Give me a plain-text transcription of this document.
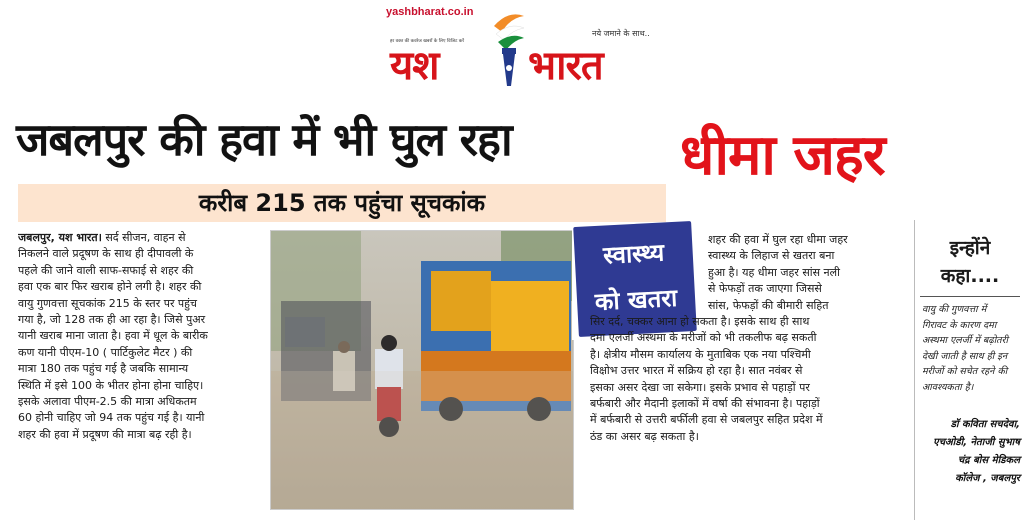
yashbharat.co.in
हर वक्त की कवरेज खबरों के लिए विजिट करें
नये जमाने के साथ..
यश भारत
जबलपुर की हवा में भी घुल रहा	धीमा जहर
करीब 215 तक पहुंचा सूचकांक
जबलपुर, यश भारत। सर्द सीजन, वाहन से
निकलने वाले प्रदूषण के साथ ही दीपावली के
पहले की जाने वाली साफ-सफाई से शहर की
हवा एक बार फिर खराब होने लगी है। शहर की
वायु गुणवत्ता सूचकांक 215 के स्तर पर पहुंच
गया है, जो 128 तक ही आ रहा है। जिसे पुअर
यानी खराब माना जाता है। हवा में धूल के बारीक
कण यानी पीएम-10 ( पार्टिकुलेट मैटर ) की
मात्रा 180 तक पहुंच गई है जबकि सामान्य
स्थिति में इसे 100 के भीतर होना होना चाहिए।
इसके अलावा पीएम-2.5 की मात्रा अधिकतम
60 होनी चाहिए जो 94 तक पहुंच गई है। यानी
शहर की हवा में प्रदूषण की मात्रा बढ़ रही है।
स्वास्थ्य
को खतरा
शहर की हवा में घुल रहा धीमा जहर
स्वास्थ्य के लिहाज से खतरा बना
हुआ है। यह धीमा जहर सांस नली
से फेफड़ों तक जाएगा जिससे
सांस, फेफड़ों की बीमारी सहित
सिर दर्द, चक्कर आना हो सकता है। इसके साथ ही साथ
दमा एलर्जी अस्थमा के मरीजों को भी तकलीफ बढ़ सकती
है। क्षेत्रीय मौसम कार्यालय के मुताबिक एक नया पश्चिमी
विक्षोभ उत्तर भारत में सक्रिय हो रहा है। सात नवंबर से
इसका असर देखा जा सकेगा। इसके प्रभाव से पहाड़ों पर
बर्फबारी और मैदानी इलाकों में वर्षा की संभावना है। पहाड़ों
में बर्फबारी से उत्तरी बर्फीली हवा से जबलपुर सहित प्रदेश में
ठंड का असर बढ़ सकता है।
इन्होंने
कहा....
वायु की गुणवत्ता में
गिरावट के कारण दमा
अस्थमा एलर्जी में बढ़ोतरी
देखी जाती है साथ ही इन
मरीजों को सचेत रहने की
आवश्यकता है।
डॉ कविता सचदेवा,
एचओडी, नेताजी सुभाष
चंद्र बोस मेडिकल
कॉलेज , जबलपुर
